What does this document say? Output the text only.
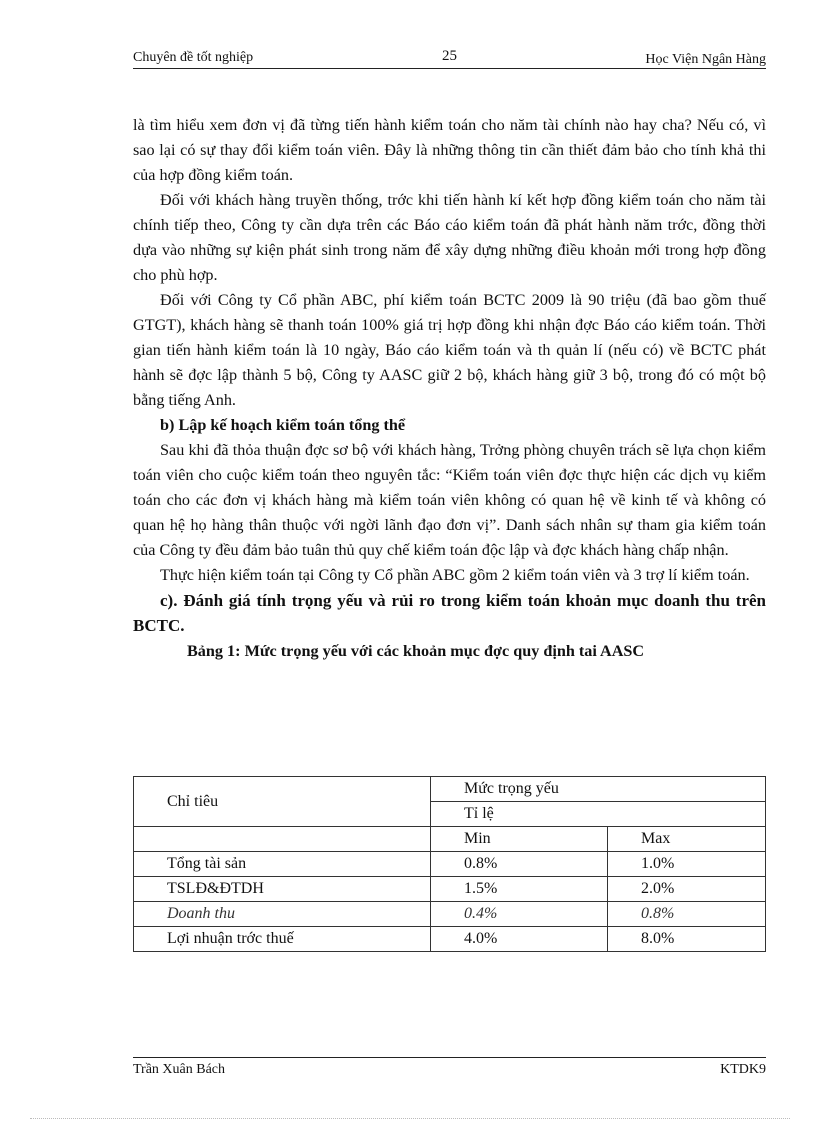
Chuyên đề tốt nghiệp	25	Học Viện Ngân Hàng

là tìm hiểu xem đơn vị đã từng tiến hành kiểm toán cho năm tài chính nào hay cha? Nếu có, vì sao lại có sự thay đổi kiểm toán viên. Đây là những thông tin cần thiết đảm bảo cho tính khả thi của hợp đồng kiểm toán.

Đối với khách hàng truyền thống, trớc khi tiến hành kí kết hợp đồng kiểm toán cho năm tài chính tiếp theo, Công ty cần dựa trên các Báo cáo kiểm toán đã phát hành năm trớc, đồng thời dựa vào những sự kiện phát sinh trong năm để xây dựng những điều khoản mới trong hợp đồng cho phù hợp.

Đối với Công ty Cổ phần ABC, phí kiểm toán BCTC 2009 là 90 triệu (đã bao gồm thuế GTGT), khách hàng sẽ thanh toán 100% giá trị hợp đồng khi nhận đợc Báo cáo kiểm toán. Thời gian tiến hành kiểm toán là 10 ngày, Báo cáo kiểm toán và th quản lí (nếu có) về BCTC phát hành sẽ đợc lập thành 5 bộ, Công ty AASC giữ 2 bộ, khách hàng giữ 3 bộ, trong đó có một bộ bằng tiếng Anh.

b) Lập kế hoạch kiểm toán tổng thể

Sau khi đã thỏa thuận đợc sơ bộ với khách hàng, Trởng phòng chuyên trách sẽ lựa chọn kiểm toán viên cho cuộc kiểm toán theo nguyên tắc: “Kiểm toán viên đợc thực hiện các dịch vụ kiểm toán cho các đơn vị khách hàng mà kiểm toán viên không có quan hệ về kinh tế và không có quan hệ họ hàng thân thuộc với ngời lãnh đạo đơn vị”. Danh sách nhân sự tham gia kiểm toán của Công ty đều đảm bảo tuân thủ quy chế kiểm toán độc lập và đợc khách hàng chấp nhận.

Thực hiện kiểm toán tại Công ty Cổ phần ABC gồm 2 kiểm toán viên và 3 trợ lí kiểm toán.

c). Đánh giá tính trọng yếu và rủi ro trong kiểm toán khoản mục doanh thu trên BCTC.

Bảng 1: Mức trọng yếu với các khoản mục đợc quy định tai AASC

Chỉ tiêu	Mức trọng yếu	
	Tỉ lệ	
	Min	Max
Tổng tài sản	0.8%	1.0%
TSLĐ&ĐTDH	1.5%	2.0%
Doanh thu	0.4%	0.8%
Lợi nhuận trớc thuế	4.0%	8.0%
Trần Xuân Bách	KTDK9
